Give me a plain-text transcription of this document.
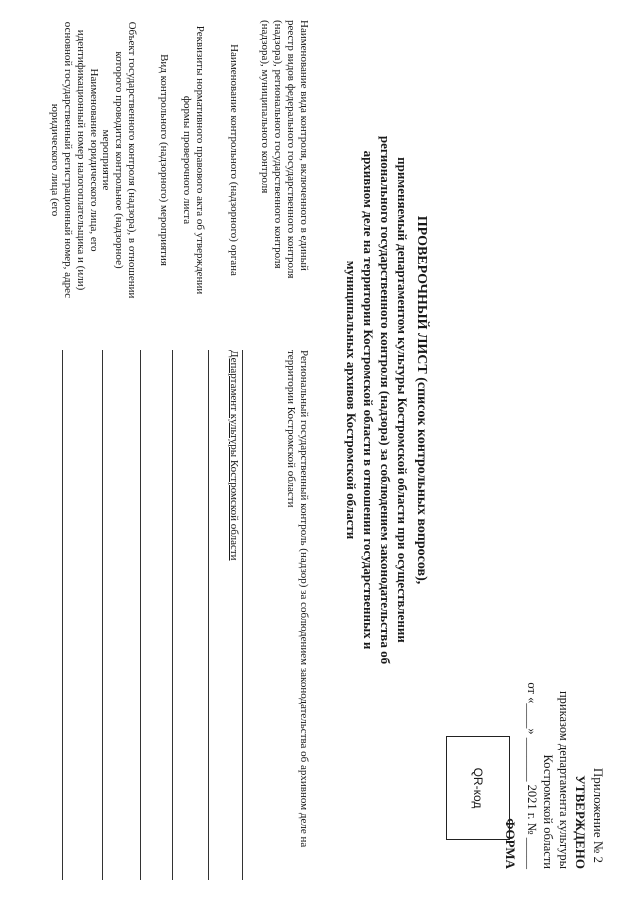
Приложение № 2
УТВЕРЖДЕНО
приказом департамента культуры
Костромской области
от «____» _______ 2021 г. № _____
ФОРМА
QR-код
ПРОВЕРОЧНЫЙ ЛИСТ (список контрольных вопросов),
применяемый департаментом культуры Костромской области при осуществлении регионального государственного контроля (надзора) за соблюдением законодательства об архивном деле на территории Костромской области в отношении государственных и муниципальных архивов Костромской области
Наименование вида контроля, включенного в единый реестр видов федерального государственного контроля (надзора), регионального государственного контроля (надзора), муниципального контроля
Региональный государственный контроль (надзор) за соблюдением законодательства об архивном деле на территории Костромской области
Наименование контрольного (надзорного) органа
Департамент культуры Костромской области
Реквизиты нормативного правового акта об утверждении формы проверочного листа
Вид контрольного (надзорного) мероприятия
Объект государственного контроля (надзора), в отношении которого проводится контрольное (надзорное) мероприятие
Наименование юридического лица, его идентификационный номер налогоплательщика и (или) основной государственный регистрационный номер, адрес юридического лица (его
